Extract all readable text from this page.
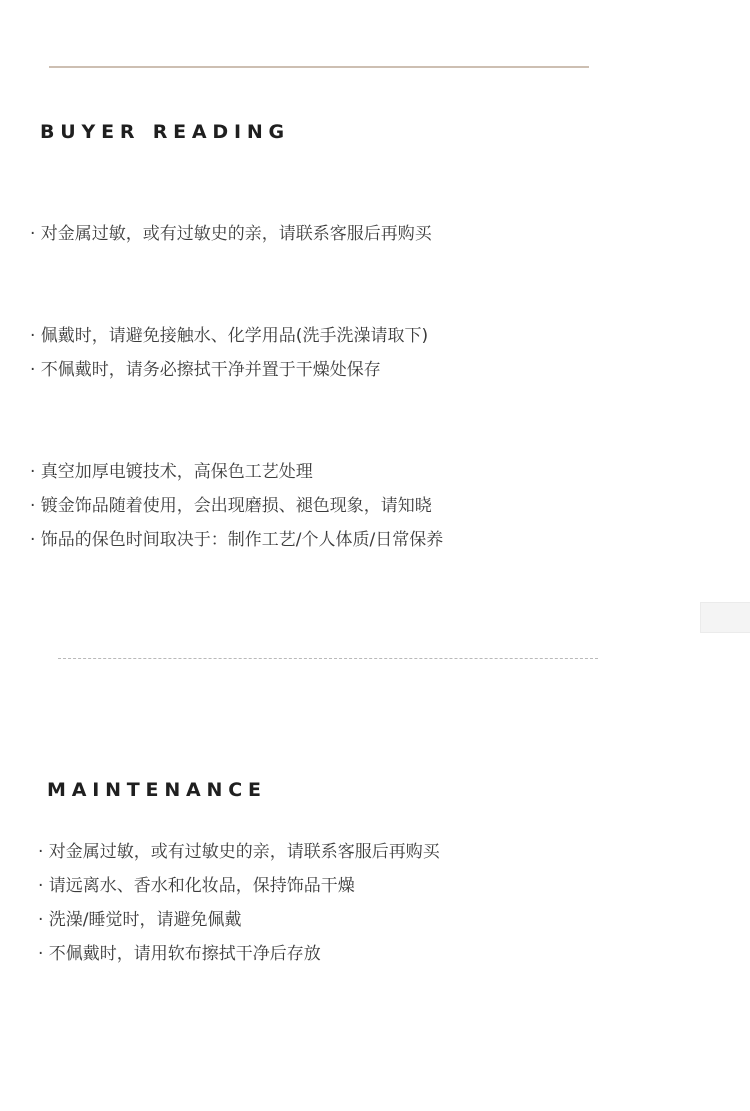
BUYER READING
· 对金属过敏，或有过敏史的亲，请联系客服后再购买
· 佩戴时，请避免接触水、化学用品(洗手洗澡请取下)
· 不佩戴时，请务必擦拭干净并置于干燥处保存
· 真空加厚电镀技术，高保色工艺处理
· 镀金饰品随着使用，会出现磨损、褪色现象，请知晓
· 饰品的保色时间取决于：制作工艺/个人体质/日常保养
MAINTENANCE
· 对金属过敏，或有过敏史的亲，请联系客服后再购买
· 请远离水、香水和化妆品，保持饰品干燥
· 洗澡/睡觉时，请避免佩戴
· 不佩戴时，请用软布擦拭干净后存放
